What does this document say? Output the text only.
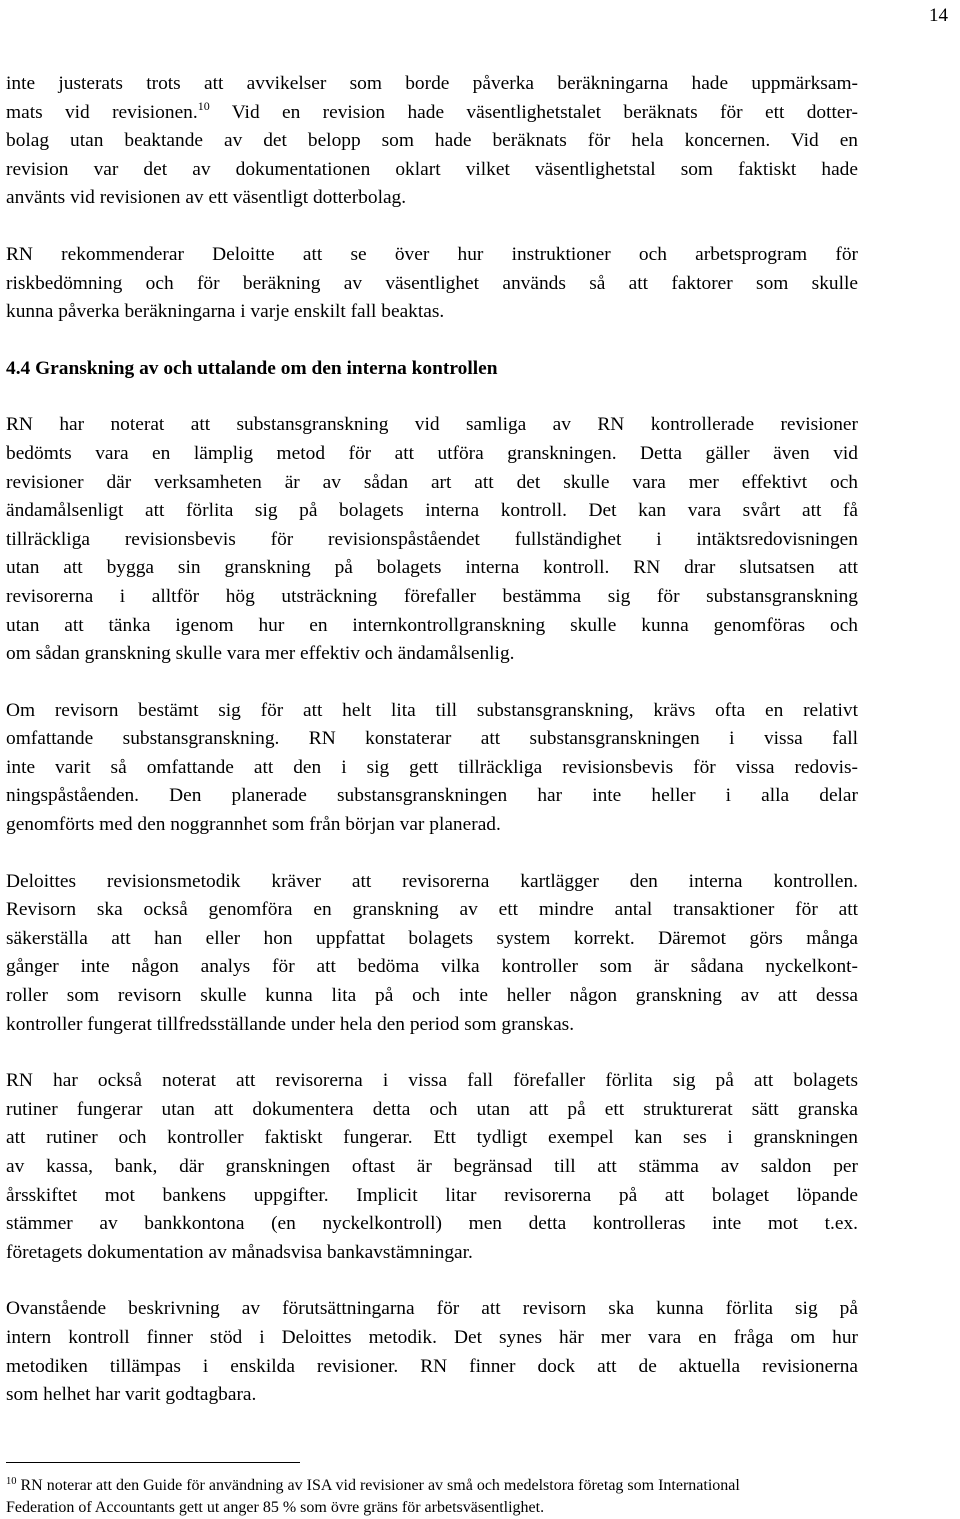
14
inte justerats trots att avvikelser som borde påverka beräkningarna hade uppmärksam-
mats vid revisionen.$^{10}$ Vid en revision hade väsentlighetstalet beräknats för ett dotter-
bolag utan beaktande av det belopp som hade beräknats för hela koncernen. Vid en
revision var det av dokumentationen oklart vilket väsentlighetstal som faktiskt hade
använts vid revisionen av ett väsentligt dotterbolag.
RN rekommenderar Deloitte att se över hur instruktioner och arbetsprogram för
riskbedömning och för beräkning av väsentlighet används så att faktorer som skulle
kunna påverka beräkningarna i varje enskilt fall beaktas.
4.4 Granskning av och uttalande om den interna kontrollen
RN har noterat att substansgranskning vid samliga av RN kontrollerade revisioner
bedömts vara en lämplig metod för att utföra granskningen. Detta gäller även vid
revisioner där verksamheten är av sådan art att det skulle vara mer effektivt och
ändamålsenligt att förlita sig på bolagets interna kontroll. Det kan vara svårt att få
tillräckliga revisionsbevis för revisionspåståendet fullständighet i intäktsredovisningen
utan att bygga sin granskning på bolagets interna kontroll. RN drar slutsatsen att
revisorerna i alltför hög utsträckning förefaller bestämma sig för substansgranskning
utan att tänka igenom hur en internkontrollgranskning skulle kunna genomföras och
om sådan granskning skulle vara mer effektiv och ändamålsenlig.
Om revisorn bestämt sig för att helt lita till substansgranskning, krävs ofta en relativt
omfattande substansgranskning. RN konstaterar att substansgranskningen i vissa fall
inte varit så omfattande att den i sig gett tillräckliga revisionsbevis för vissa redovis-
ningspåståenden. Den planerade substansgranskningen har inte heller i alla delar
genomförts med den noggrannhet som från början var planerad.
Deloittes revisionsmetodik kräver att revisorerna kartlägger den interna kontrollen.
Revisorn ska också genomföra en granskning av ett mindre antal transaktioner för att
säkerställa att han eller hon uppfattat bolagets system korrekt. Däremot görs många
gånger inte någon analys för att bedöma vilka kontroller som är sådana nyckelkont-
roller som revisorn skulle kunna lita på och inte heller någon granskning av att dessa
kontroller fungerat tillfredsställande under hela den period som granskas.
RN har också noterat att revisorerna i vissa fall förefaller förlita sig på att bolagets
rutiner fungerar utan att dokumentera detta och utan att på ett strukturerat sätt granska
att rutiner och kontroller faktiskt fungerar. Ett tydligt exempel kan ses i granskningen
av kassa, bank, där granskningen oftast är begränsad till att stämma av saldon per
årsskiftet mot bankens uppgifter. Implicit litar revisorerna på att bolaget löpande
stämmer av bankkontona (en nyckelkontroll) men detta kontrolleras inte mot t.ex.
företagets dokumentation av månadsvisa bankavstämningar.
Ovanstående beskrivning av förutsättningarna för att revisorn ska kunna förlita sig på
intern kontroll finner stöd i Deloittes metodik. Det synes här mer vara en fråga om hur
metodiken tillämpas i enskilda revisioner. RN finner dock att de aktuella revisionerna
som helhet har varit godtagbara.
$^{10}$ RN noterar att den Guide för användning av ISA vid revisioner av små och medelstora företag som International
Federation of Accountants gett ut anger 85 % som övre gräns för arbetsväsentlighet.
